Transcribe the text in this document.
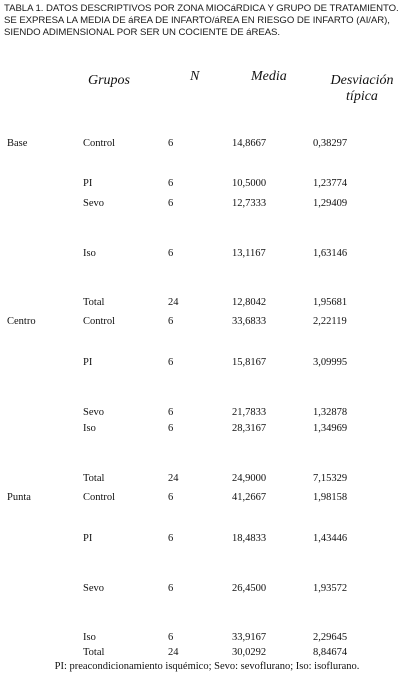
TABLA 1. DATOS DESCRIPTIVOS POR ZONA MIOCáRDICA Y GRUPO DE TRATAMIENTO.
SE EXPRESA LA MEDIA DE áREA DE INFARTO/áREA EN RIESGO DE INFARTO (AI/AR),
SIENDO ADIMENSIONAL POR SER UN COCIENTE DE áREAS.
Grupos	N	Media	Desviación
típica
Base	Control	6	14,8667	0,38297
PI	6	10,5000	1,23774
Sevo	6	12,7333	1,29409
Iso	6	13,1167	1,63146
Total	24	12,8042	1,95681
Centro	Control	6	33,6833	2,22119
PI	6	15,8167	3,09995
Sevo	6	21,7833	1,32878
Iso	6	28,3167	1,34969
Total	24	24,9000	7,15329
Punta	Control	6	41,2667	1,98158
PI	6	18,4833	1,43446
Sevo	6	26,4500	1,93572
Iso	6	33,9167	2,29645
Total	24	30,0292	8,84674
PI: preacondicionamiento isquémico; Sevo: sevoflurano; Iso: isoflurano.
